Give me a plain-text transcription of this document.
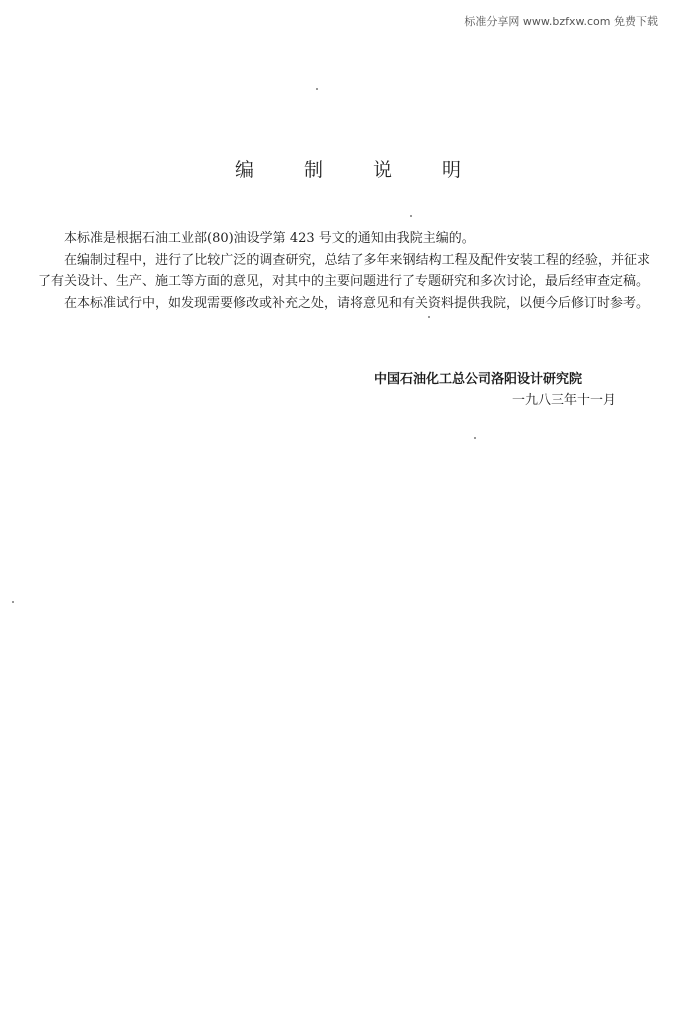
标准分享网 www.bzfxw.com 免费下载
编 制 说 明

本标准是根据石油工业部(80)油设学第 423 号文的通知由我院主编的。

在编制过程中，进行了比较广泛的调查研究，总结了多年来钢结构工程及配件安装工程的经验，并征求了有关设计、生产、施工等方面的意见，对其中的主要问题进行了专题研究和多次讨论，最后经审查定稿。

在本标准试行中，如发现需要修改或补充之处，请将意见和有关资料提供我院，以便今后修订时参考。

中国石油化工总公司洛阳设计研究院
一九八三年十一月
